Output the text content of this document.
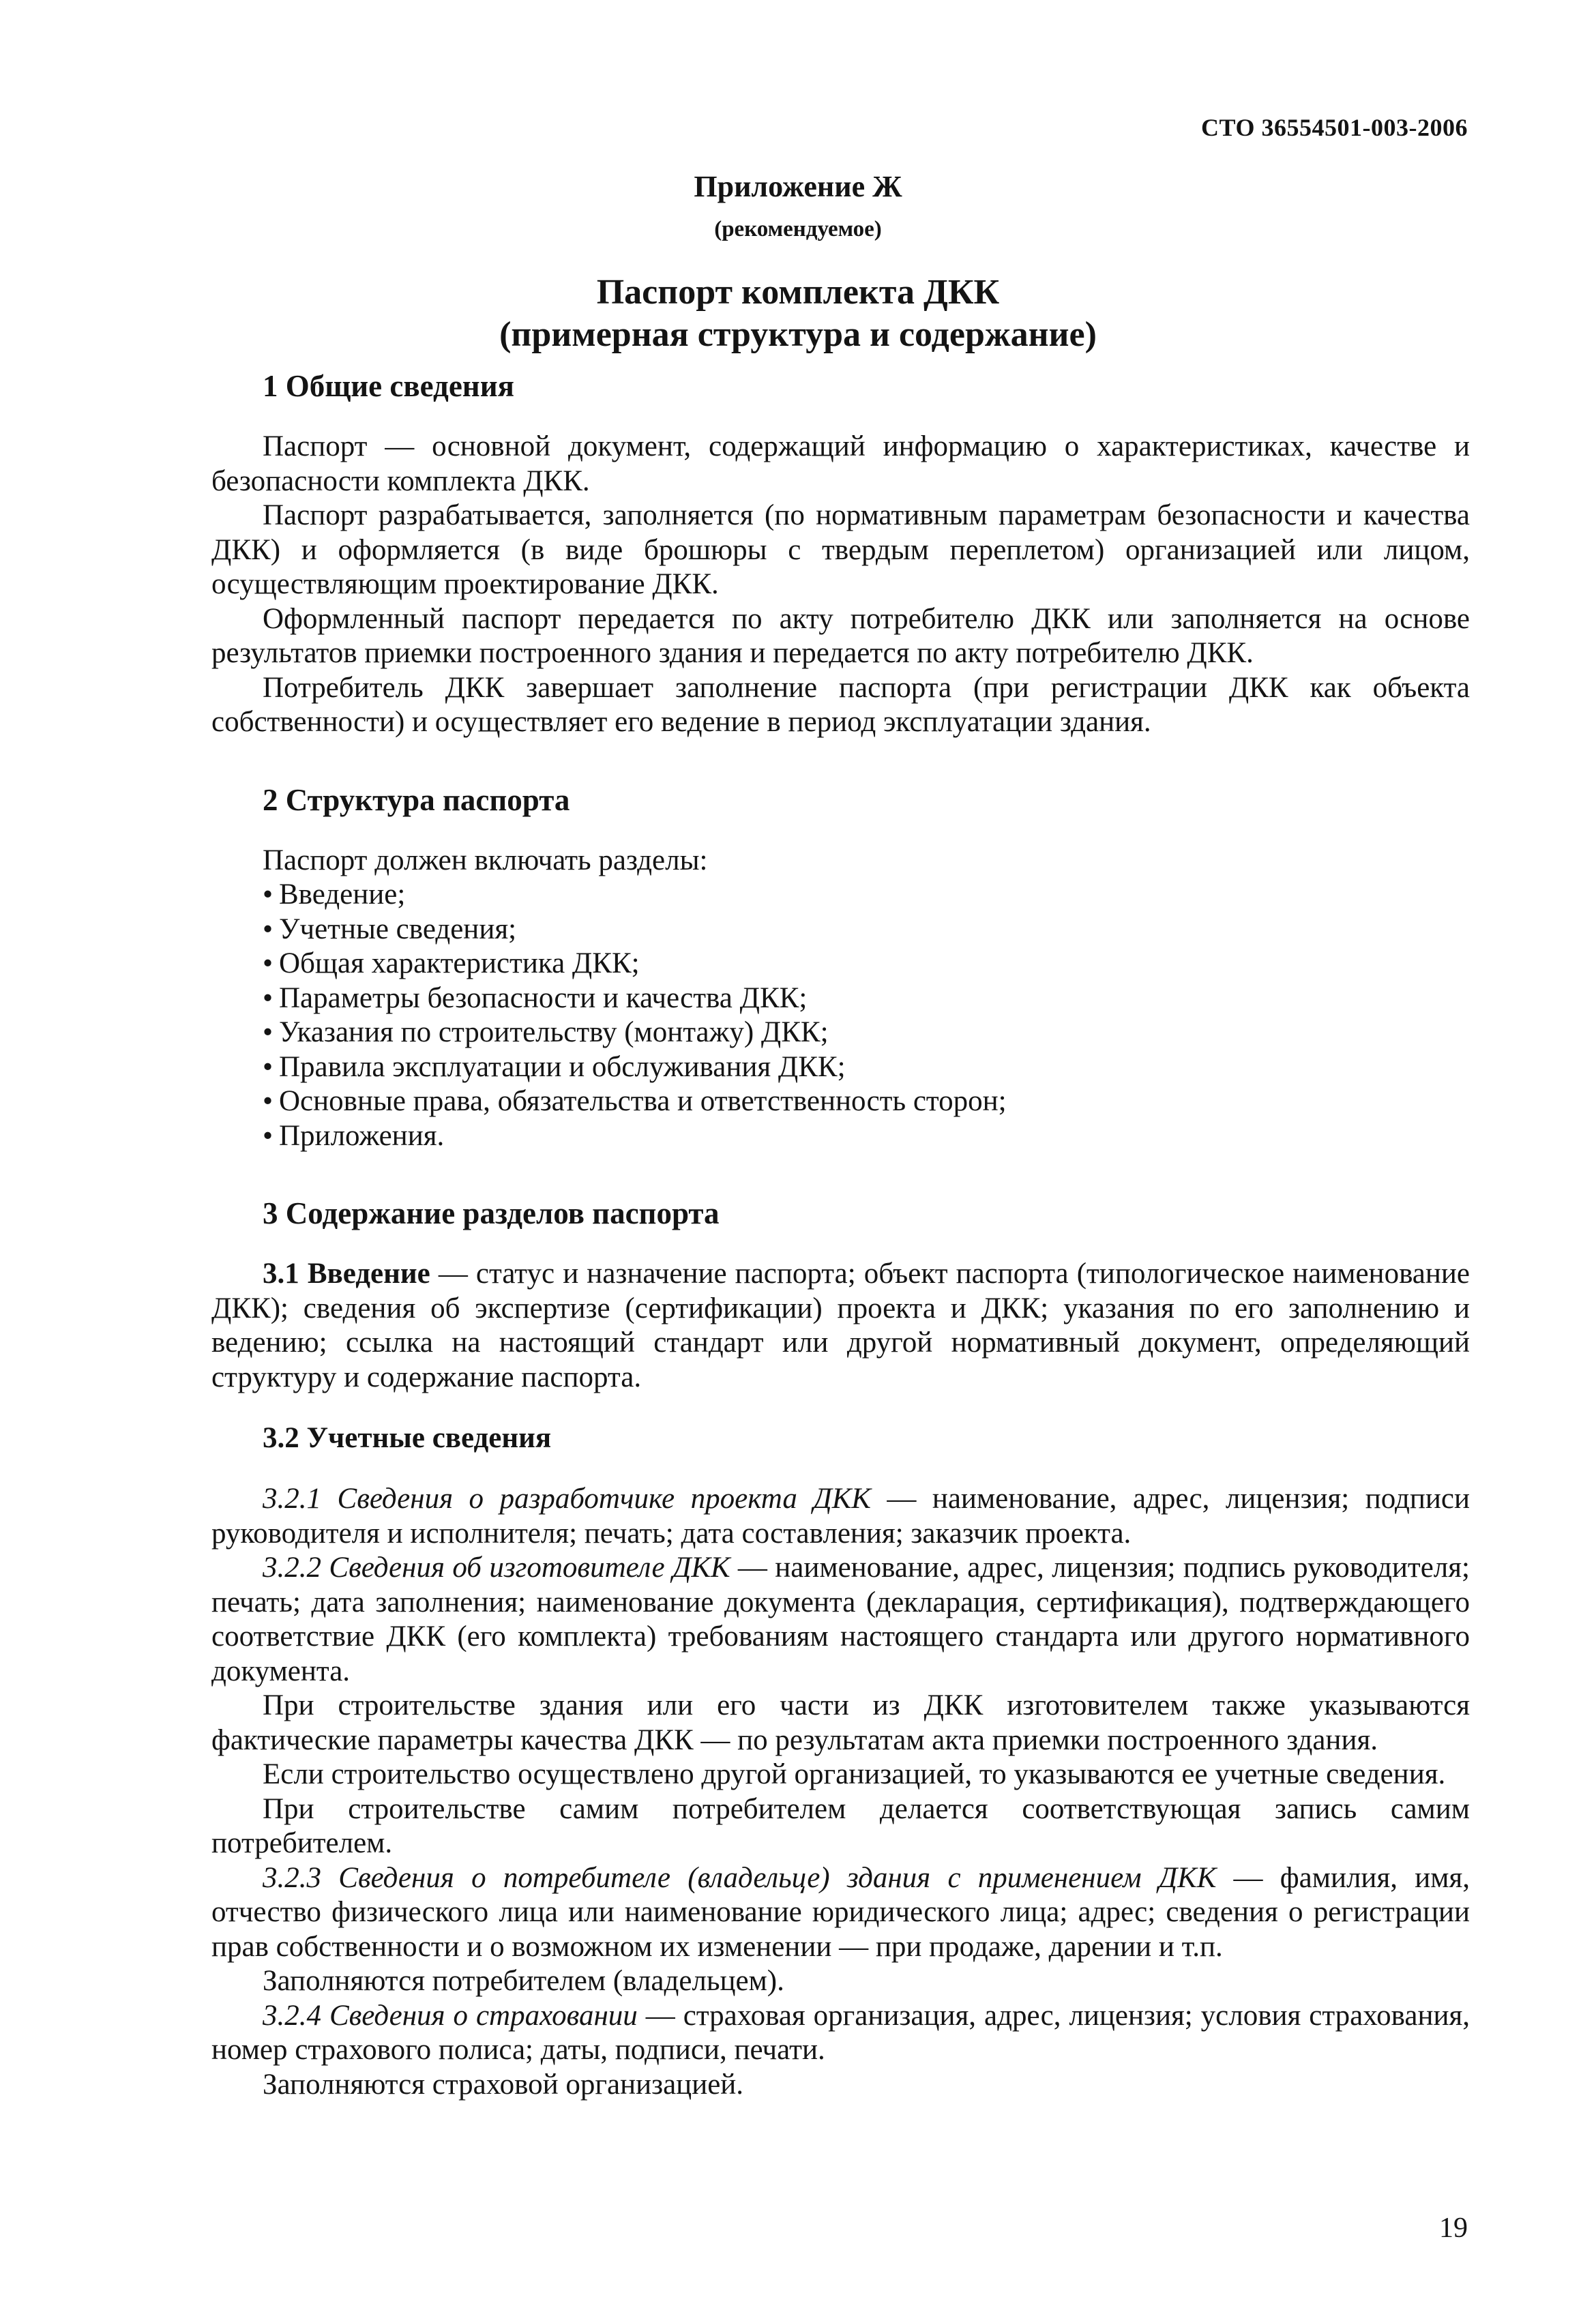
СТО 36554501-003-2006
Приложение Ж
(рекомендуемое)
Паспорт комплекта ДКК
(примерная структура и содержание)
1 Общие сведения

Паспорт — основной документ, содержащий информацию о характеристиках, качестве и безопасности комплекта ДКК.

Паспорт разрабатывается, заполняется (по нормативным параметрам безопасности и качества ДКК) и оформляется (в виде брошюры с твердым переплетом) организацией или лицом, осуществляющим проектирование ДКК.

Оформленный паспорт передается по акту потребителю ДКК или заполняется на основе результатов приемки построенного здания и передается по акту потребителю ДКК.

Потребитель ДКК завершает заполнение паспорта (при регистрации ДКК как объекта собственности) и осуществляет его ведение в период эксплуатации здания.

2 Структура паспорта

Паспорт должен включать разделы:

• Введение;
• Учетные сведения;
• Общая характеристика ДКК;
• Параметры безопасности и качества ДКК;
• Указания по строительству (монтажу) ДКК;
• Правила эксплуатации и обслуживания ДКК;
• Основные права, обязательства и ответственность сторон;
• Приложения.
3 Содержание разделов паспорта

3.1 Введение — статус и назначение паспорта; объект паспорта (типологическое наименование ДКК); сведения об экспертизе (сертификации) проекта и ДКК; указания по его заполнению и ведению; ссылка на настоящий стандарт или другой нормативный документ, определяющий структуру и содержание паспорта.

3.2 Учетные сведения

3.2.1 Сведения о разработчике проекта ДКК — наименование, адрес, лицензия; подписи руководителя и исполнителя; печать; дата составления; заказчик проекта.

3.2.2 Сведения об изготовителе ДКК — наименование, адрес, лицензия; подпись руководителя; печать; дата заполнения; наименование документа (декларация, сертификация), подтверждающего соответствие ДКК (его комплекта) требованиям настоящего стандарта или другого нормативного документа.

При строительстве здания или его части из ДКК изготовителем также указываются фактические параметры качества ДКК — по результатам акта приемки построенного здания.

Если строительство осуществлено другой организацией, то указываются ее учетные сведения.

При строительстве самим потребителем делается соответствующая запись самим потребителем.

3.2.3 Сведения о потребителе (владельце) здания с применением ДКК — фамилия, имя, отчество физического лица или наименование юридического лица; адрес; сведения о регистрации прав собственности и о возможном их изменении — при продаже, дарении и т.п.

Заполняются потребителем (владельцем).

3.2.4 Сведения о страховании — страховая организация, адрес, лицензия; условия страхования, номер страхового полиса; даты, подписи, печати.

Заполняются страховой организацией.

19
